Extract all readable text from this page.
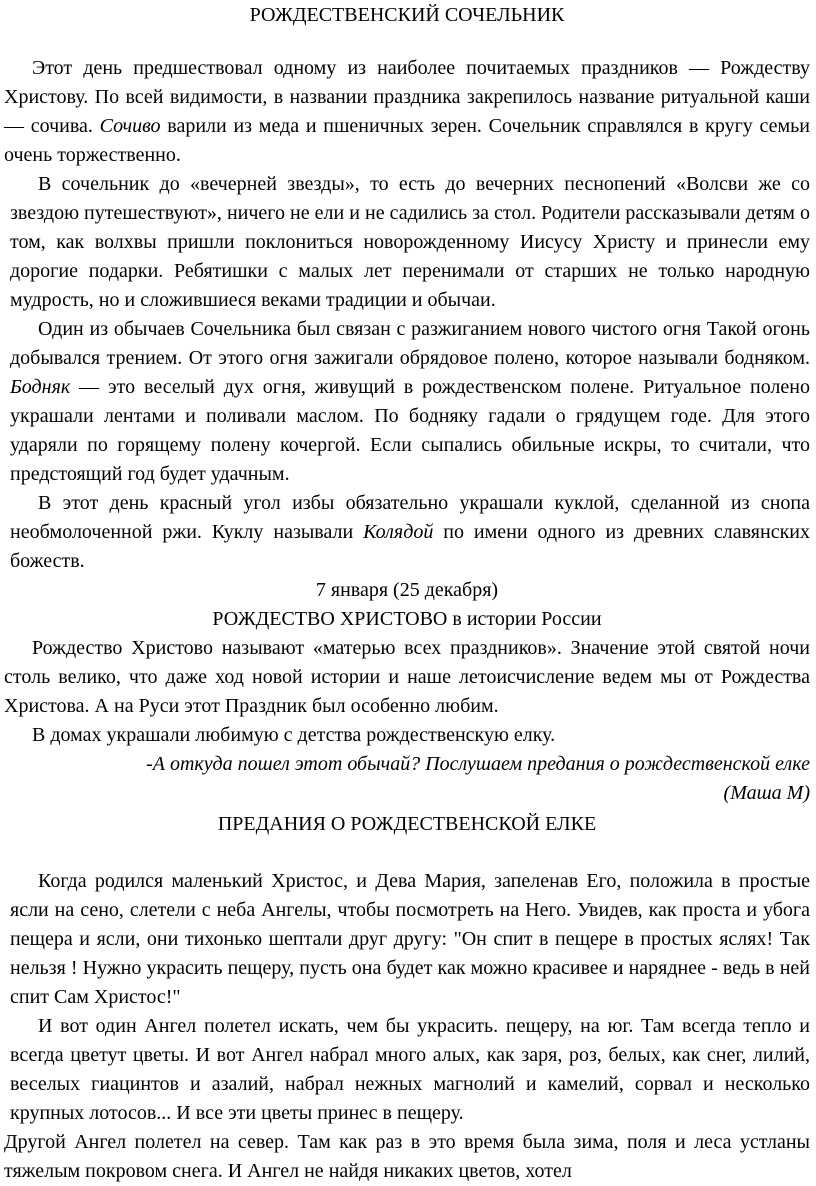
РОЖДЕСТВЕНСКИЙ СОЧЕЛЬНИК

Этот день предшествовал одному из наиболее почитаемых праздников — Рождеству Христову. По всей видимости, в названии праздника закрепилось название ритуальной каши — сочива. Сочиво варили из меда и пшеничных зерен. Сочельник справлялся в кругу семьи очень торжественно.

В сочельник до «вечерней звезды», то есть до вечерних песнопений «Волсви же со звездою путешествуют», ничего не ели и не садились за стол. Родители рассказывали детям о том, как волхвы пришли поклониться новорожденному Иисусу Христу и принесли ему дорогие подарки. Ребятишки с малых лет перенимали от старших не только народную мудрость, но и сложившиеся веками традиции и обычаи.

Один из обычаев Сочельника был связан с разжиганием нового чистого огня Такой огонь добывался трением. От этого огня зажигали обрядовое полено, которое называли бодняком. Бодняк — это веселый дух огня, живущий в рождественском полене. Ритуальное полено украшали лентами и поливали маслом. По бодняку гадали о грядущем годе. Для этого ударяли по горящему полену кочергой. Если сыпались обильные искры, то считали, что предстоящий год будет удачным.

В этот день красный угол избы обязательно украшали куклой, сделанной из снопа необмолоченной ржи. Куклу называли Колядой по имени одного из древних славянских божеств.

7 января (25 декабря)
РОЖДЕСТВО ХРИСТОВО в истории России

Рождество Христово называют «матерью всех праздников». Значение этой святой ночи столь велико, что даже ход новой истории и наше летоисчисление ведем мы от Рождества Христова. А на Руси этот Праздник был особенно любим.

В домах украшали любимую с детства рождественскую елку.

-А откуда пошел этот обычай? Послушаем предания о рождественской елке
(Маша М)
ПРЕДАНИЯ О РОЖДЕСТВЕНСКОЙ ЕЛКЕ

Когда родился маленький Христос, и Дева Мария, запеленав Его, положила в простые ясли на сено, слетели с неба Ангелы, чтобы посмотреть на Него. Увидев, как проста и убога пещера и ясли, они тихонько шептали друг другу: "Он спит в пещере в простых яслях! Так нельзя ! Нужно украсить пещеру, пусть она будет как можно красивее и наряднее - ведь в ней спит Сам Христос!"

И вот один Ангел полетел искать, чем бы украсить. пещеру, на юг. Там всегда тепло и всегда цветут цветы. И вот Ангел набрал много алых, как заря, роз, белых, как снег, лилий, веселых гиацинтов и азалий, набрал нежных магнолий и камелий, сорвал и несколько крупных лотосов... И все эти цветы принес в пещеру.

Другой Ангел полетел на север. Там как раз в это время была зима, поля и леса устланы тяжелым покровом снега. И Ангел не найдя никаких цветов, хотел
